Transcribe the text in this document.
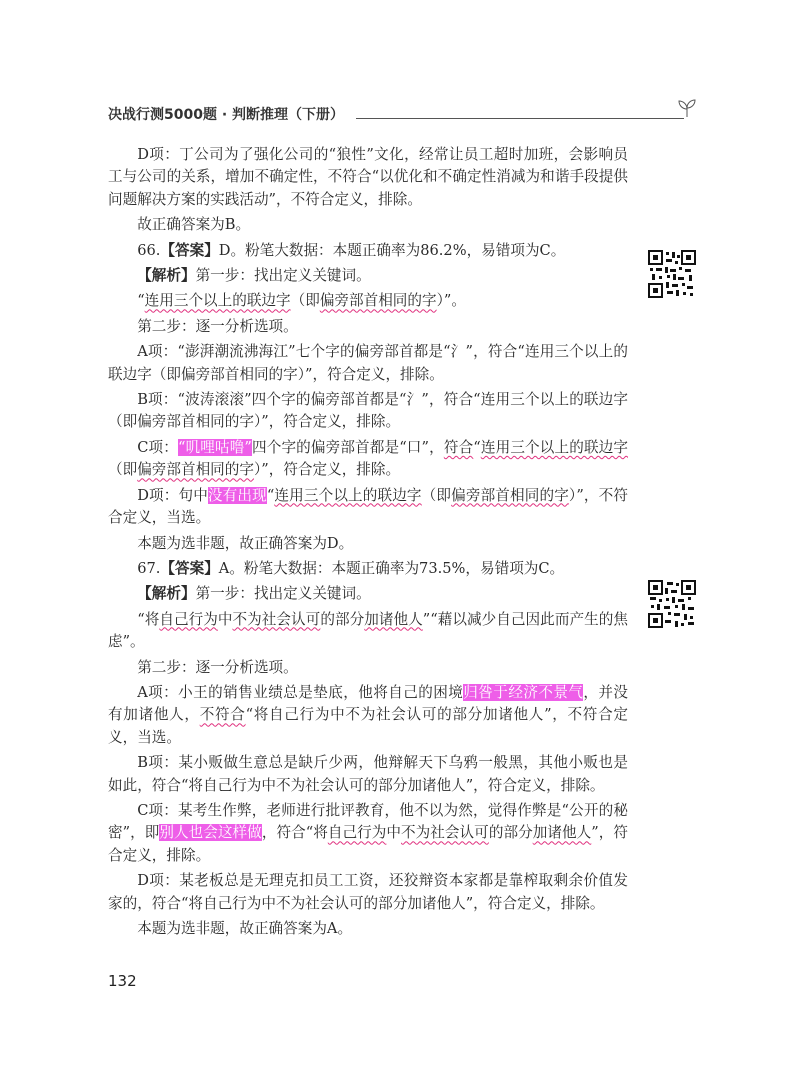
决战行测5000题 · 判断推理（下册）

D项：丁公司为了强化公司的“狼性”文化，经常让员工超时加班，会影响员工与公司的关系，增加不确定性，不符合“以优化和不确定性消减为和谐手段提供问题解决方案的实践活动”，不符合定义，排除。

故正确答案为B。

66.【答案】D。粉笔大数据：本题正确率为86.2%，易错项为C。

【解析】第一步：找出定义关键词。

“连用三个以上的联边字（即偏旁部首相同的字）”。

第二步：逐一分析选项。

A项：“澎湃潮流沸海江”七个字的偏旁部首都是“氵”，符合“连用三个以上的联边字（即偏旁部首相同的字）”，符合定义，排除。

B项：“波涛滚滚”四个字的偏旁部首都是“氵”，符合“连用三个以上的联边字（即偏旁部首相同的字）”，符合定义，排除。

C项：“叽哩咕噜”四个字的偏旁部首都是“口”，符合“连用三个以上的联边字（即偏旁部首相同的字）”，符合定义，排除。

D项：句中没有出现“连用三个以上的联边字（即偏旁部首相同的字）”，不符合定义，当选。

本题为选非题，故正确答案为D。

67.【答案】A。粉笔大数据：本题正确率为73.5%，易错项为C。

【解析】第一步：找出定义关键词。

“将自己行为中不为社会认可的部分加诸他人”“藉以减少自己因此而产生的焦虑”。

第二步：逐一分析选项。

A项：小王的销售业绩总是垫底，他将自己的困境归咎于经济不景气，并没有加诸他人，不符合“将自己行为中不为社会认可的部分加诸他人”，不符合定义，当选。

B项：某小贩做生意总是缺斤少两，他辩解天下乌鸦一般黑，其他小贩也是如此，符合“将自己行为中不为社会认可的部分加诸他人”，符合定义，排除。

C项：某考生作弊，老师进行批评教育，他不以为然，觉得作弊是“公开的秘密”，即别人也会这样做，符合“将自己行为中不为社会认可的部分加诸他人”，符合定义，排除。

D项：某老板总是无理克扣员工工资，还狡辩资本家都是靠榨取剩余价值发家的，符合“将自己行为中不为社会认可的部分加诸他人”，符合定义，排除。

本题为选非题，故正确答案为A。

132
